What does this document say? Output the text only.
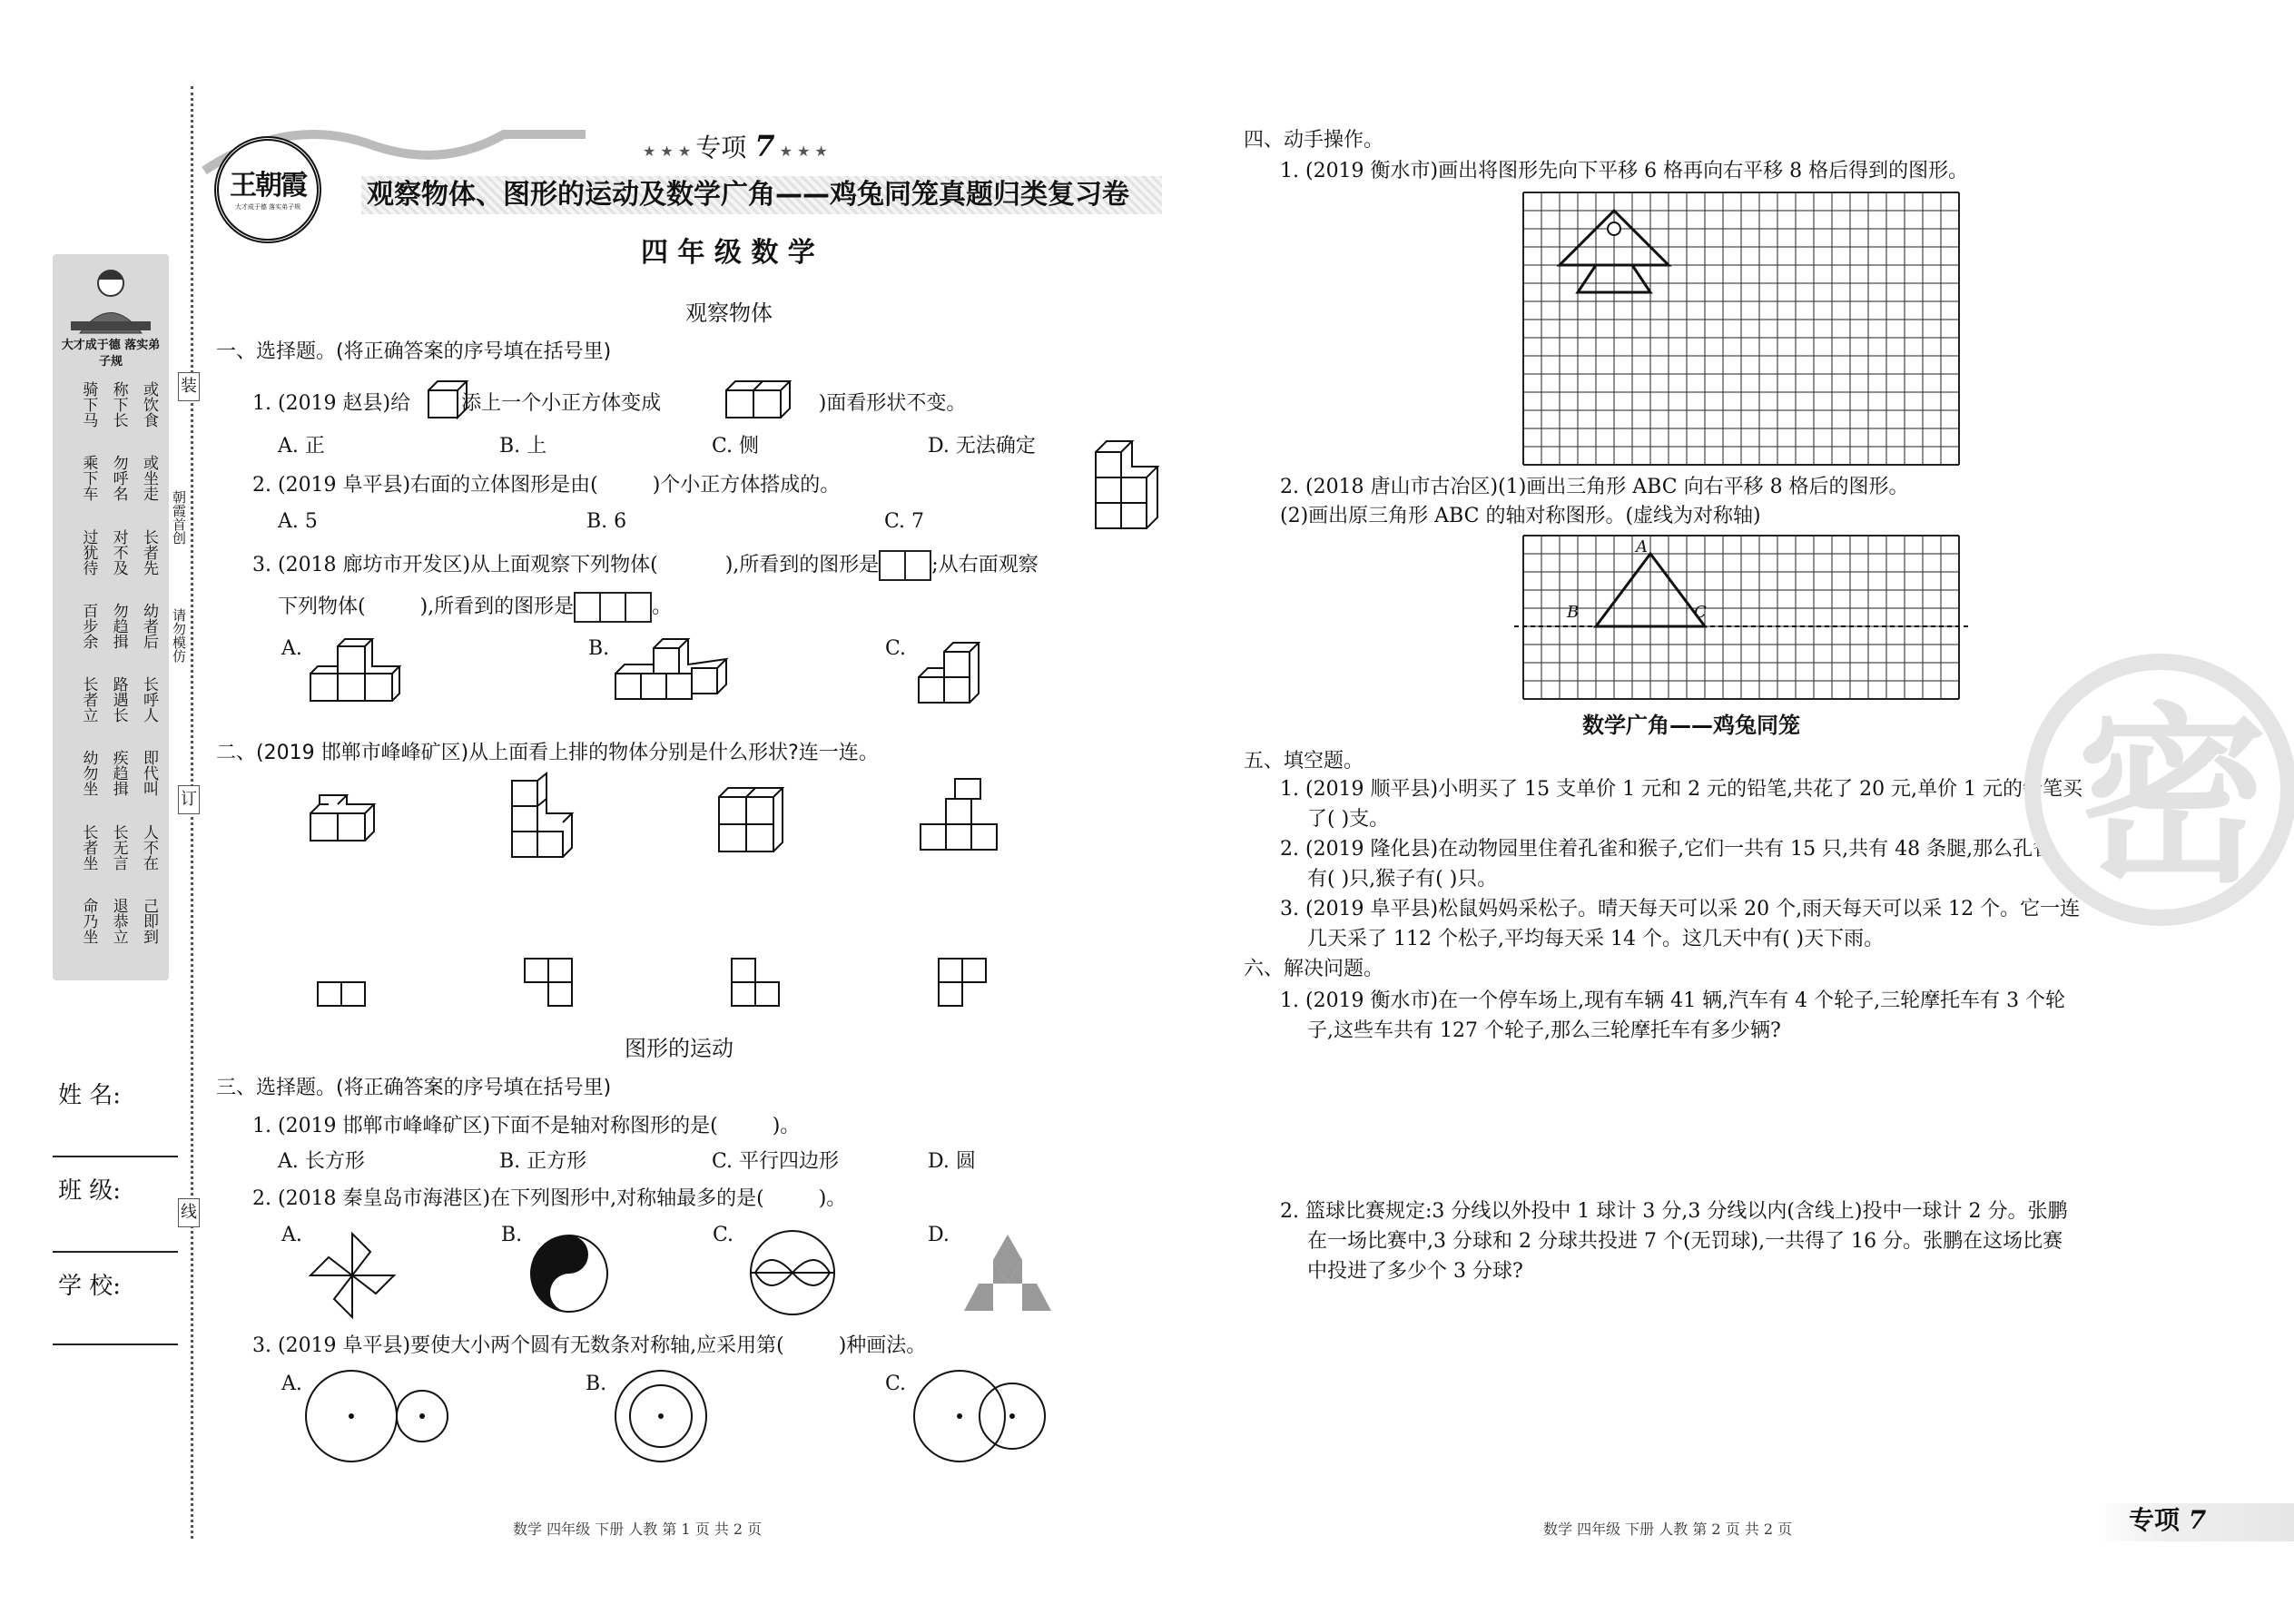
装
订
线
朝霞首创
请勿模仿
大才成于德 落实弟子规
骑下马 称下长 或饮食
乘下车 勿呼名 或坐走
过犹待 对不及 长者先
百步余 勿趋揖 幼者后
长者立 路遇长 长呼人
幼勿坐 疾趋揖 即代叫
长者坐 长无言 人不在
命乃坐 退恭立 己即到
姓 名:
班 级:
学 校:
王朝霞
大才成于德 落实弟子规
★ ★ ★ 专项 7 ★ ★ ★
观察物体、图形的运动及数学广角——鸡兔同笼真题归类复习卷
四 年 级 数 学
观察物体
一、选择题。(将正确答案的序号填在括号里)
1. (2019 赵县)给	添上一个小正方体变成	)面看形状不变。
A. 正	B. 上	C. 侧	D. 无法确定
2. (2019 阜平县)右面的立体图形是由(	)个小正方体搭成的。
A. 5	B. 6	C. 7
3. (2018 廊坊市开发区)从上面观察下列物体(	),所看到的图形是	;从右面观察
下列物体(	),所看到的图形是	。
A.	B.	C.
二、(2019 邯郸市峰峰矿区)从上面看上排的物体分别是什么形状?连一连。
图形的运动
三、选择题。(将正确答案的序号填在括号里)
1. (2019 邯郸市峰峰矿区)下面不是轴对称图形的是(	)。
A. 长方形	B. 正方形	C. 平行四边形	D. 圆
2. (2018 秦皇岛市海港区)在下列图形中,对称轴最多的是(	)。
A.	B.	C.	D.
3. (2019 阜平县)要使大小两个圆有无数条对称轴,应采用第(	)种画法。
A.	B.	C.
数学 四年级 下册 人教 第 1 页 共 2 页
四、动手操作。
1. (2019 衡水市)画出将图形先向下平移 6 格再向右平移 8 格后得到的图形。
2. (2018 唐山市古冶区)(1)画出三角形 ABC 向右平移 8 格后的图形。
(2)画出原三角形 ABC 的轴对称图形。(虚线为对称轴)
A
B	C
数学广角——鸡兔同笼
五、填空题。
1. (2019 顺平县)小明买了 15 支单价 1 元和 2 元的铅笔,共花了 20 元,单价 1 元的铅笔买
了( )支。
2. (2019 隆化县)在动物园里住着孔雀和猴子,它们一共有 15 只,共有 48 条腿,那么孔雀
有( )只,猴子有( )只。
3. (2019 阜平县)松鼠妈妈采松子。晴天每天可以采 20 个,雨天每天可以采 12 个。它一连
几天采了 112 个松子,平均每天采 14 个。这几天中有( )天下雨。
六、解决问题。
1. (2019 衡水市)在一个停车场上,现有车辆 41 辆,汽车有 4 个轮子,三轮摩托车有 3 个轮
子,这些车共有 127 个轮子,那么三轮摩托车有多少辆?
2. 篮球比赛规定:3 分线以外投中 1 球计 3 分,3 分线以内(含线上)投中一球计 2 分。张鹏
在一场比赛中,3 分球和 2 分球共投进 7 个(无罚球),一共得了 16 分。张鹏在这场比赛
中投进了多少个 3 分球?
密
数学 四年级 下册 人教 第 2 页 共 2 页	专项 7
